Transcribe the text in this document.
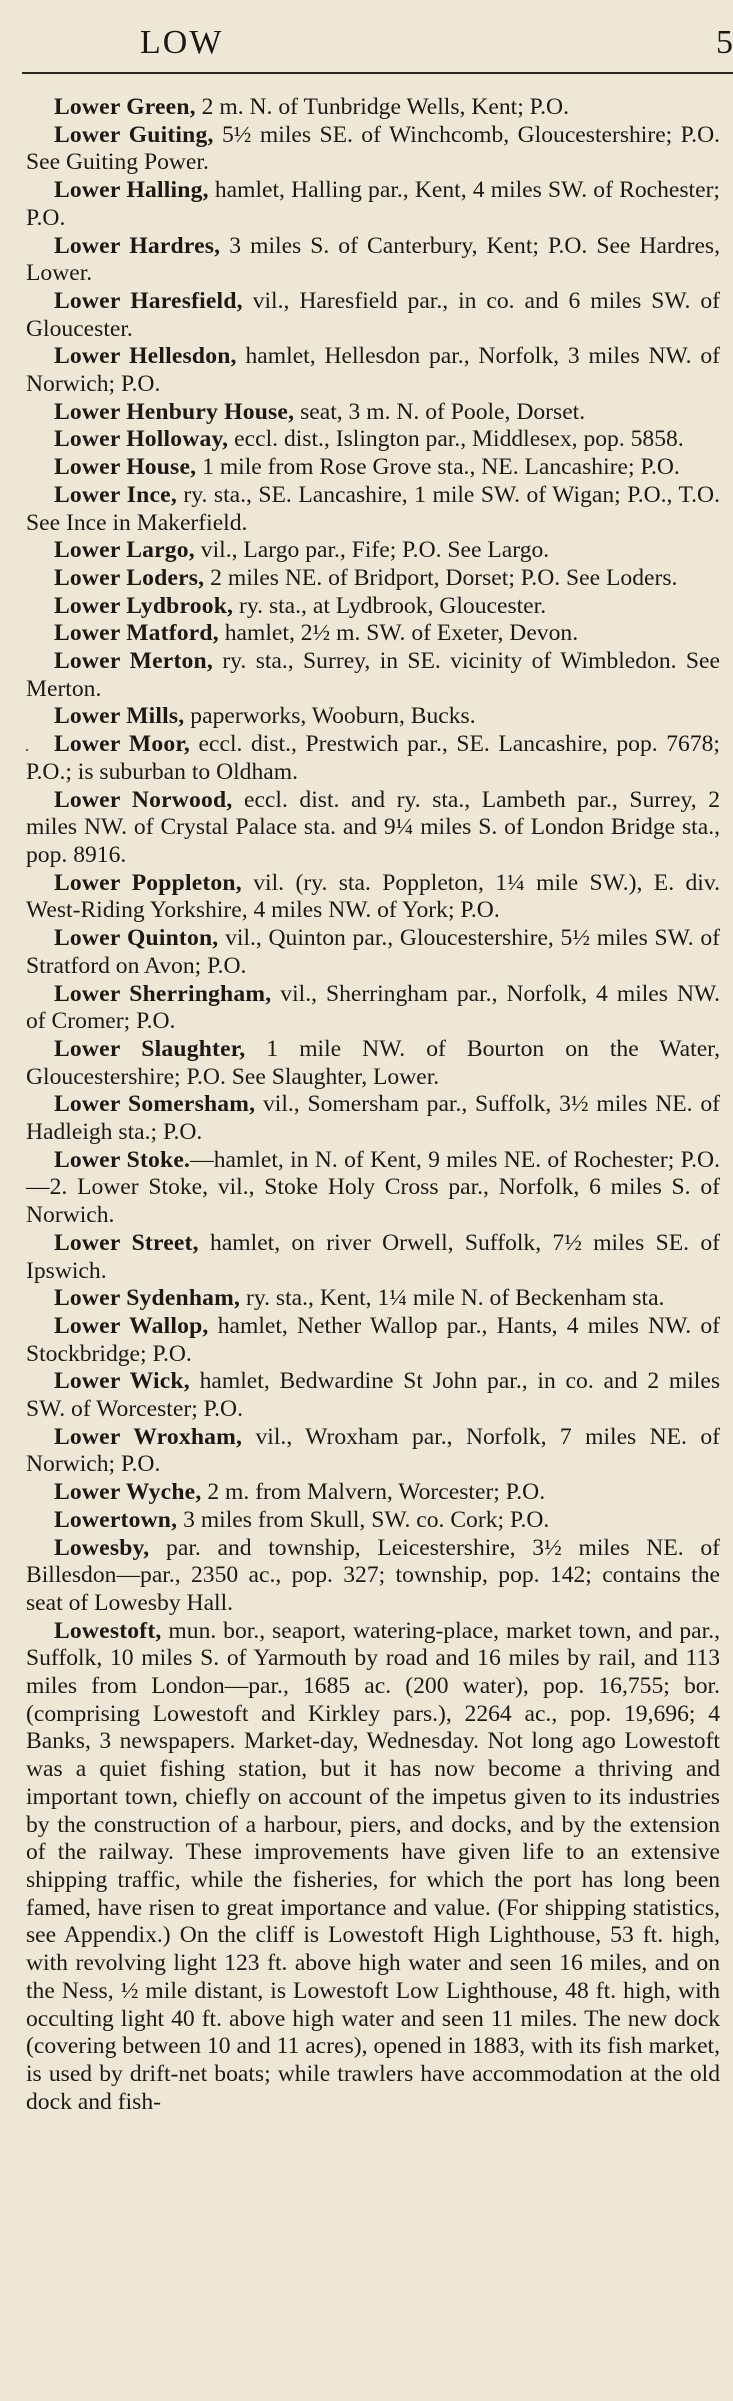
LOW	5
·

Lower Green, 2 m. N. of Tunbridge Wells, Kent; P.O.

Lower Guiting, 5½ miles SE. of Winchcomb, Gloucestershire; P.O. See Guiting Power.

Lower Halling, hamlet, Halling par., Kent, 4 miles SW. of Rochester; P.O.

Lower Hardres, 3 miles S. of Canterbury, Kent; P.O. See Hardres, Lower.

Lower Haresfield, vil., Haresfield par., in co. and 6 miles SW. of Gloucester.

Lower Hellesdon, hamlet, Hellesdon par., Norfolk, 3 miles NW. of Norwich; P.O.

Lower Henbury House, seat, 3 m. N. of Poole, Dorset.

Lower Holloway, eccl. dist., Islington par., Middlesex, pop. 5858.

Lower House, 1 mile from Rose Grove sta., NE. Lancashire; P.O.

Lower Ince, ry. sta., SE. Lancashire, 1 mile SW. of Wigan; P.O., T.O. See Ince in Makerfield.

Lower Largo, vil., Largo par., Fife; P.O. See Largo.

Lower Loders, 2 miles NE. of Bridport, Dorset; P.O. See Loders.

Lower Lydbrook, ry. sta., at Lydbrook, Gloucester.

Lower Matford, hamlet, 2½ m. SW. of Exeter, Devon.

Lower Merton, ry. sta., Surrey, in SE. vicinity of Wimbledon. See Merton.

Lower Mills, paperworks, Wooburn, Bucks.

Lower Moor, eccl. dist., Prestwich par., SE. Lancashire, pop. 7678; P.O.; is suburban to Oldham.

Lower Norwood, eccl. dist. and ry. sta., Lambeth par., Surrey, 2 miles NW. of Crystal Palace sta. and 9¼ miles S. of London Bridge sta., pop. 8916.

Lower Poppleton, vil. (ry. sta. Poppleton, 1¼ mile SW.), E. div. West-Riding Yorkshire, 4 miles NW. of York; P.O.

Lower Quinton, vil., Quinton par., Gloucestershire, 5½ miles SW. of Stratford on Avon; P.O.

Lower Sherringham, vil., Sherringham par., Norfolk, 4 miles NW. of Cromer; P.O.

Lower Slaughter, 1 mile NW. of Bourton on the Water, Gloucestershire; P.O. See Slaughter, Lower.

Lower Somersham, vil., Somersham par., Suffolk, 3½ miles NE. of Hadleigh sta.; P.O.

Lower Stoke.—hamlet, in N. of Kent, 9 miles NE. of Rochester; P.O.—2. Lower Stoke, vil., Stoke Holy Cross par., Norfolk, 6 miles S. of Norwich.

Lower Street, hamlet, on river Orwell, Suffolk, 7½ miles SE. of Ipswich.

Lower Sydenham, ry. sta., Kent, 1¼ mile N. of Beckenham sta.

Lower Wallop, hamlet, Nether Wallop par., Hants, 4 miles NW. of Stockbridge; P.O.

Lower Wick, hamlet, Bedwardine St John par., in co. and 2 miles SW. of Worcester; P.O.

Lower Wroxham, vil., Wroxham par., Norfolk, 7 miles NE. of Norwich; P.O.

Lower Wyche, 2 m. from Malvern, Worcester; P.O.

Lowertown, 3 miles from Skull, SW. co. Cork; P.O.

Lowesby, par. and township, Leicestershire, 3½ miles NE. of Billesdon—par., 2350 ac., pop. 327; township, pop. 142; contains the seat of Lowesby Hall.

Lowestoft, mun. bor., seaport, watering-place, market town, and par., Suffolk, 10 miles S. of Yarmouth by road and 16 miles by rail, and 113 miles from London—par., 1685 ac. (200 water), pop. 16,755; bor. (comprising Lowestoft and Kirkley pars.), 2264 ac., pop. 19,696; 4 Banks, 3 newspapers. Market-day, Wednesday. Not long ago Lowestoft was a quiet fishing station, but it has now become a thriving and important town, chiefly on account of the impetus given to its industries by the construction of a harbour, piers, and docks, and by the extension of the railway. These improvements have given life to an extensive shipping traffic, while the fisheries, for which the port has long been famed, have risen to great importance and value. (For shipping statistics, see Appendix.) On the cliff is Lowestoft High Lighthouse, 53 ft. high, with revolving light 123 ft. above high water and seen 16 miles, and on the Ness, ½ mile distant, is Lowestoft Low Lighthouse, 48 ft. high, with occulting light 40 ft. above high water and seen 11 miles. The new dock (covering between 10 and 11 acres), opened in 1883, with its fish market, is used by drift-net boats; while trawlers have accommodation at the old dock and fish-
